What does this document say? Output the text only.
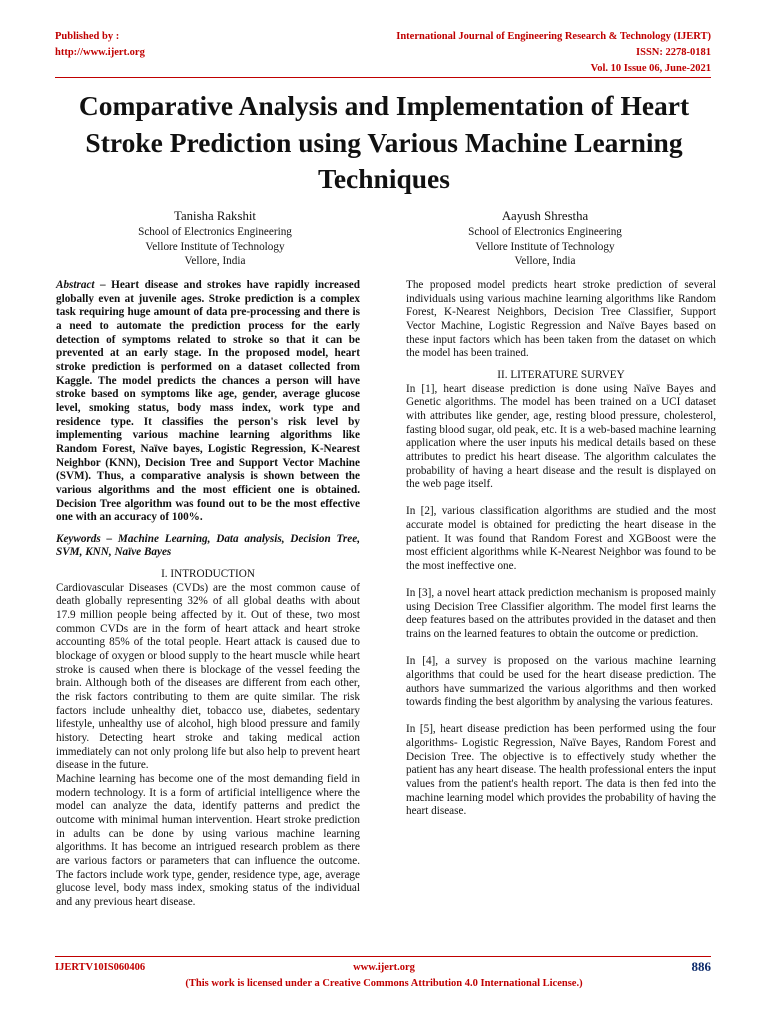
Published by :
http://www.ijert.org
International Journal of Engineering Research & Technology (IJERT)
ISSN: 2278-0181
Vol. 10 Issue 06, June-2021
Comparative Analysis and Implementation of Heart Stroke Prediction using Various Machine Learning Techniques
Tanisha Rakshit
School of Electronics Engineering
Vellore Institute of Technology
Vellore, India
Aayush Shrestha
School of Electronics Engineering
Vellore Institute of Technology
Vellore, India

Abstract – Heart disease and strokes have rapidly increased globally even at juvenile ages. Stroke prediction is a complex task requiring huge amount of data pre-processing and there is a need to automate the prediction process for the early detection of symptoms related to stroke so that it can be prevented at an early stage. In the proposed model, heart stroke prediction is performed on a dataset collected from Kaggle. The model predicts the chances a person will have stroke based on symptoms like age, gender, average glucose level, smoking status, body mass index, work type and residence type. It classifies the person's risk level by implementing various machine learning algorithms like Random Forest, Naïve bayes, Logistic Regression, K-Nearest Neighbor (KNN), Decision Tree and Support Vector Machine (SVM). Thus, a comparative analysis is shown between the various algorithms and the most efficient one is obtained. Decision Tree algorithm was found out to be the most effective one with an accuracy of 100%.

Keywords – Machine Learning, Data analysis, Decision Tree, SVM, KNN, Naïve Bayes

I. INTRODUCTION

Cardiovascular Diseases (CVDs) are the most common cause of death globally representing 32% of all global deaths with about 17.9 million people being affected by it. Out of these, two most common CVDs are in the form of heart attack and heart stroke accounting 85% of the total people. Heart attack is caused due to blockage of oxygen or blood supply to the heart muscle while heart stroke is caused when there is blockage of the vessel feeding the brain. Although both of the diseases are different from each other, the risk factors contributing to them are quite similar. The risk factors include unhealthy diet, tobacco use, diabetes, sedentary lifestyle, unhealthy use of alcohol, high blood pressure and family history. Detecting heart stroke and taking medical action immediately can not only prolong life but also help to prevent heart disease in the future.

Machine learning has become one of the most demanding field in modern technology. It is a form of artificial intelligence where the model can analyze the data, identify patterns and predict the outcome with minimal human intervention. Heart stroke prediction in adults can be done by using various machine learning algorithms. It has become an intrigued research problem as there are various factors or parameters that can influence the outcome. The factors include work type, gender, residence type, age, average glucose level, body mass index, smoking status of the individual and any previous heart disease.

The proposed model predicts heart stroke prediction of several individuals using various machine learning algorithms like Random Forest, K-Nearest Neighbors, Decision Tree Classifier, Support Vector Machine, Logistic Regression and Naïve Bayes based on these input factors which has been taken from the dataset on which the model has been trained.

II. LITERATURE SURVEY

In [1], heart disease prediction is done using Naïve Bayes and Genetic algorithms. The model has been trained on a UCI dataset with attributes like gender, age, resting blood pressure, cholesterol, fasting blood sugar, old peak, etc. It is a web-based machine learning application where the user inputs his medical details based on these attributes to predict his heart disease. The algorithm calculates the probability of having a heart disease and the result is displayed on the web page itself.

In [2], various classification algorithms are studied and the most accurate model is obtained for predicting the heart disease in the patient. It was found that Random Forest and XGBoost were the most efficient algorithms while K-Nearest Neighbor was found to be the most ineffective one.

In [3], a novel heart attack prediction mechanism is proposed mainly using Decision Tree Classifier algorithm. The model first learns the deep features based on the attributes provided in the dataset and then trains on the learned features to obtain the outcome or prediction.

In [4], a survey is proposed on the various machine learning algorithms that could be used for the heart disease prediction. The authors have summarized the various algorithms and then worked towards finding the best algorithm by analysing the various features.

In [5], heart disease prediction has been performed using the four algorithms- Logistic Regression, Naïve Bayes, Random Forest and Decision Tree. The objective is to effectively study whether the patient has any heart disease. The health professional enters the input values from the patient's health report. The data is then fed into the machine learning model which provides the probability of having the heart disease.

IJERTV10IS060406	www.ijert.org	886
(This work is licensed under a Creative Commons Attribution 4.0 International License.)
